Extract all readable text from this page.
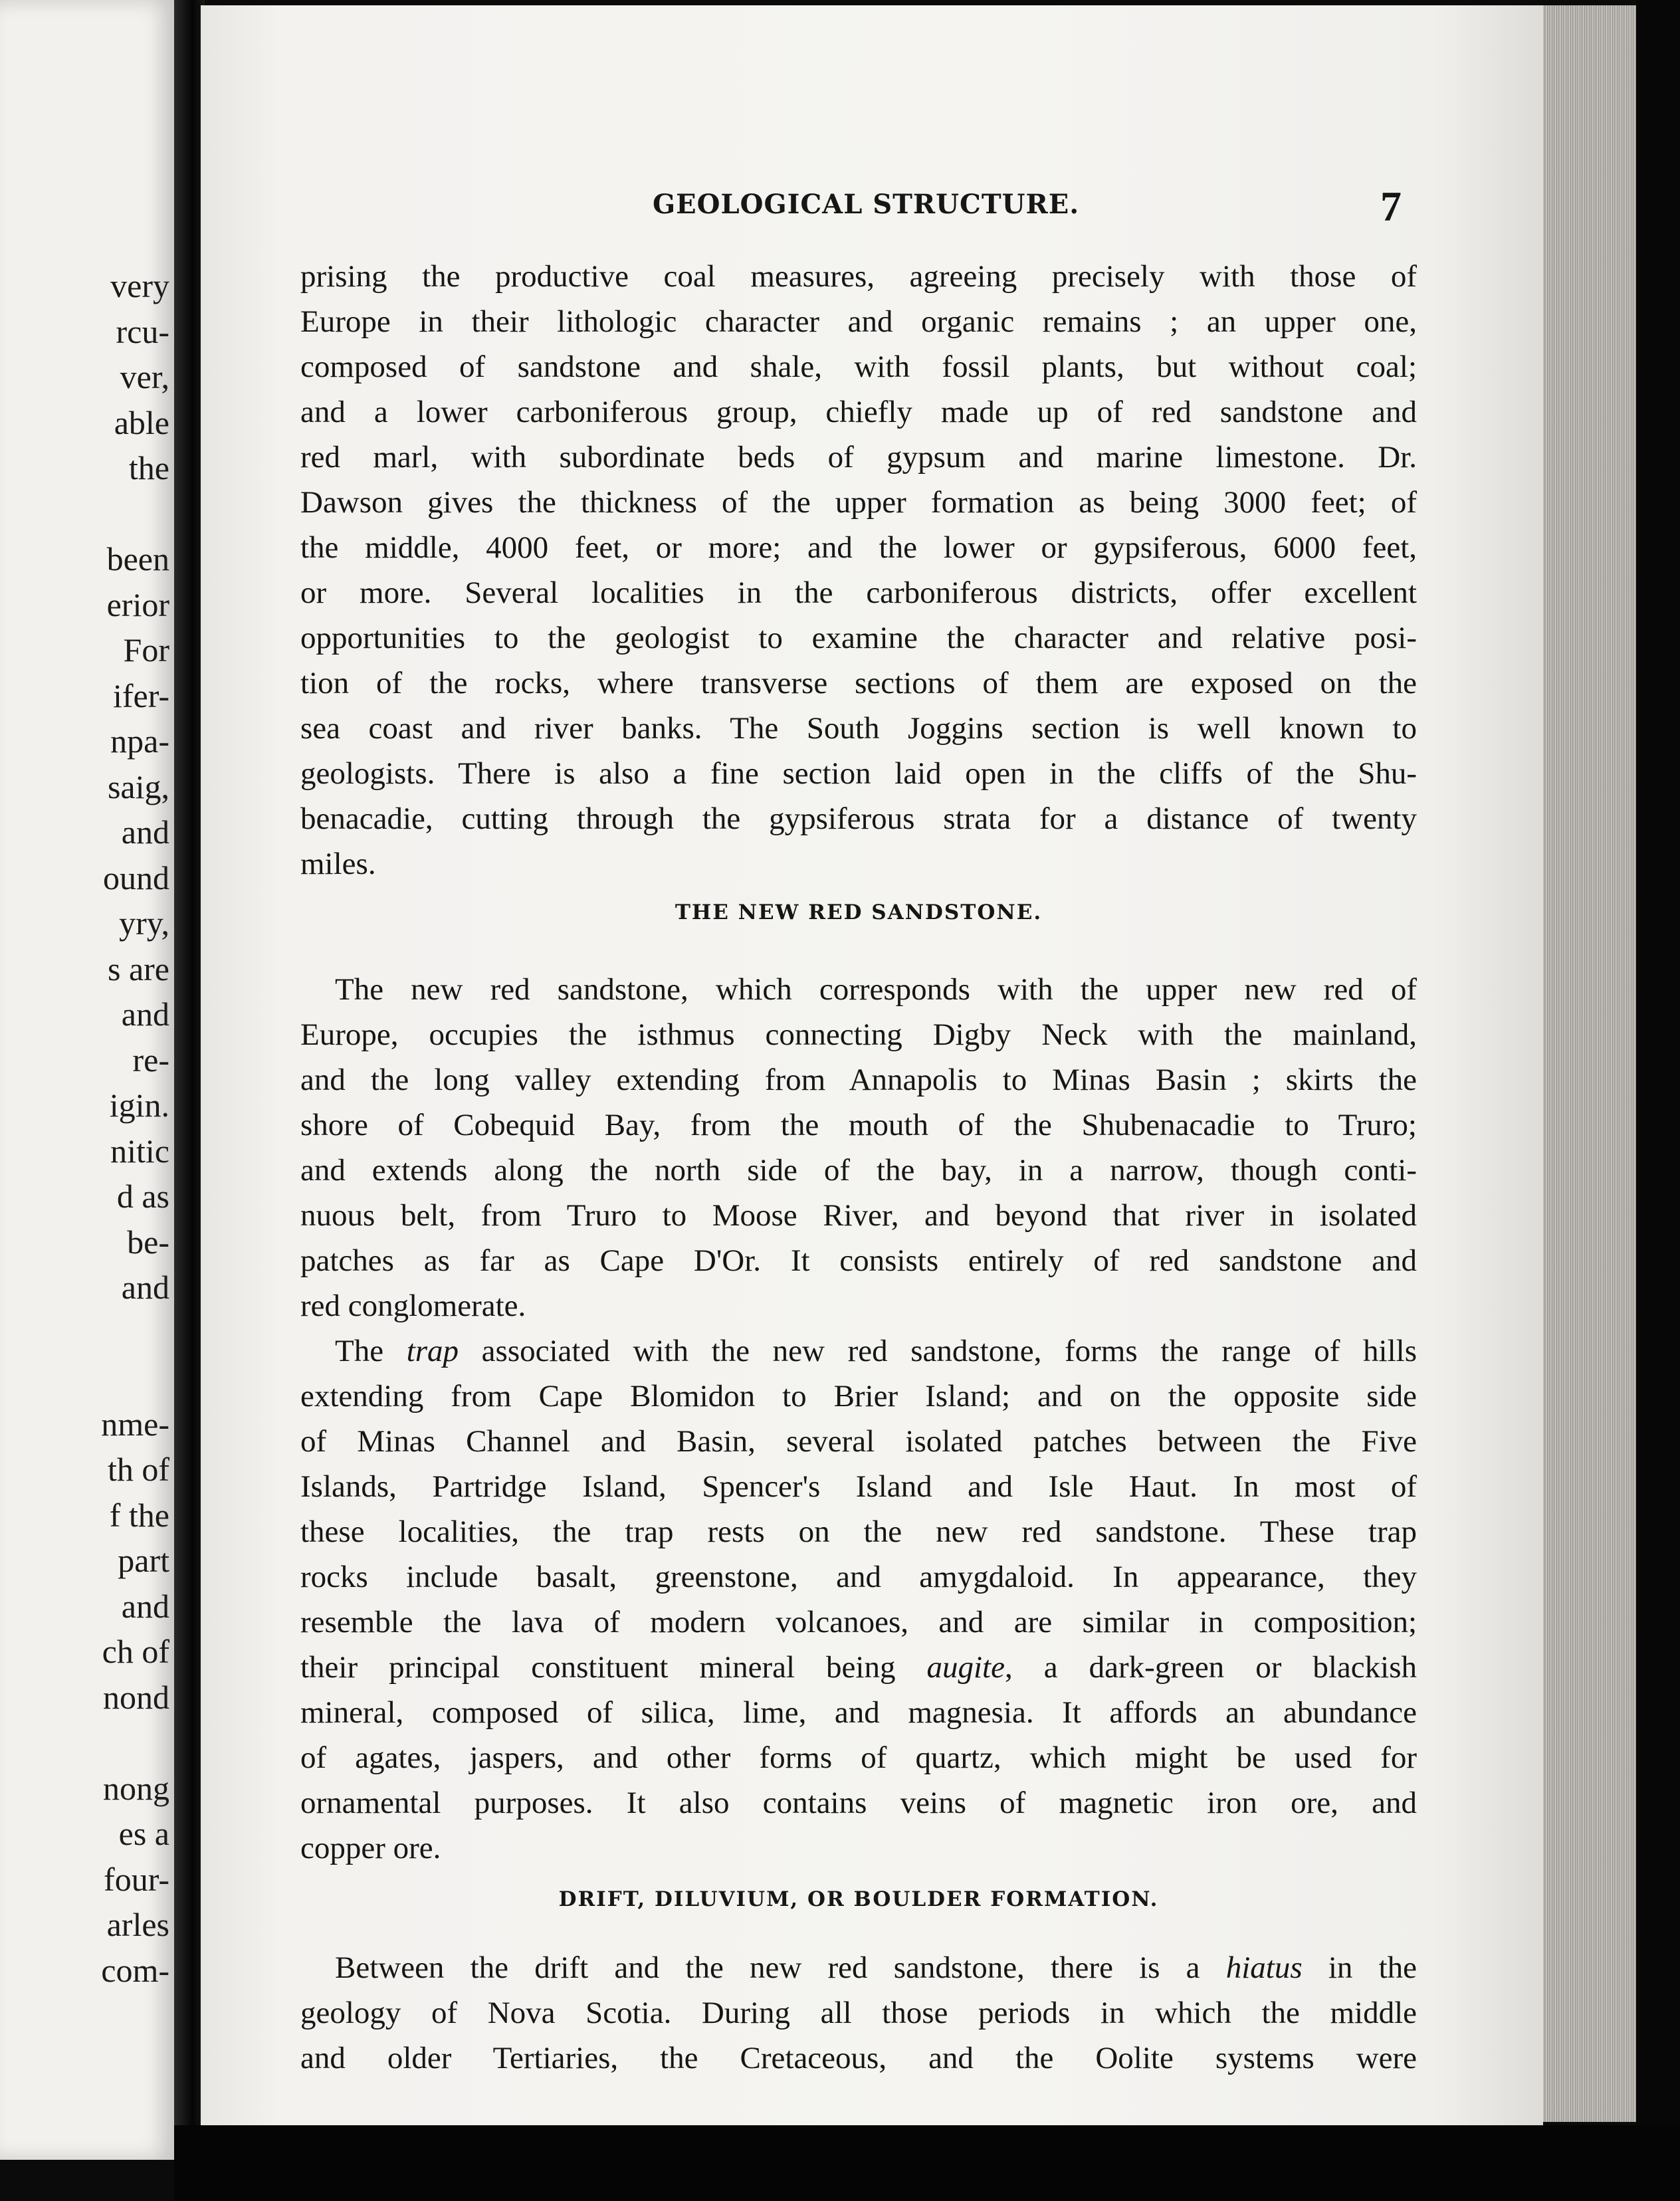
very
rcu-
ver,
able
the
been
erior
For
ifer-
npa-
saig,
and
ound
yry,
s are
and
re-
igin.
nitic
d as
be-
and
nme-
th of
f the
part
and
ch of
nond
nong
es a
four-
arles
com-
GEOLOGICAL STRUCTURE.	7
prising the productive coal measures, agreeing precisely with those of
Europe in their lithologic character and organic remains ; an upper one,
composed of sandstone and shale, with fossil plants, but without coal;
and a lower carboniferous group, chiefly made up of red sandstone and
red marl, with subordinate beds of gypsum and marine limestone. Dr.
Dawson gives the thickness of the upper formation as being 3000 feet; of
the middle, 4000 feet, or more; and the lower or gypsiferous, 6000 feet,
or more. Several localities in the carboniferous districts, offer excellent
opportunities to the geologist to examine the character and relative posi-
tion of the rocks, where transverse sections of them are exposed on the
sea coast and river banks. The South Joggins section is well known to
geologists. There is also a fine section laid open in the cliffs of the Shu-
benacadie, cutting through the gypsiferous strata for a distance of twenty
miles.
THE NEW RED SANDSTONE.
The new red sandstone, which corresponds with the upper new red of
Europe, occupies the isthmus connecting Digby Neck with the mainland,
and the long valley extending from Annapolis to Minas Basin ; skirts the
shore of Cobequid Bay, from the mouth of the Shubenacadie to Truro;
and extends along the north side of the bay, in a narrow, though conti-
nuous belt, from Truro to Moose River, and beyond that river in isolated
patches as far as Cape D'Or. It consists entirely of red sandstone and
red conglomerate.
The trap associated with the new red sandstone, forms the range of hills
extending from Cape Blomidon to Brier Island; and on the opposite side
of Minas Channel and Basin, several isolated patches between the Five
Islands, Partridge Island, Spencer's Island and Isle Haut. In most of
these localities, the trap rests on the new red sandstone. These trap
rocks include basalt, greenstone, and amygdaloid. In appearance, they
resemble the lava of modern volcanoes, and are similar in composition;
their principal constituent mineral being augite, a dark-green or blackish
mineral, composed of silica, lime, and magnesia. It affords an abundance
of agates, jaspers, and other forms of quartz, which might be used for
ornamental purposes. It also contains veins of magnetic iron ore, and
copper ore.
DRIFT, DILUVIUM, OR BOULDER FORMATION.
Between the drift and the new red sandstone, there is a hiatus in the
geology of Nova Scotia. During all those periods in which the middle
and older Tertiaries, the Cretaceous, and the Oolite systems were
